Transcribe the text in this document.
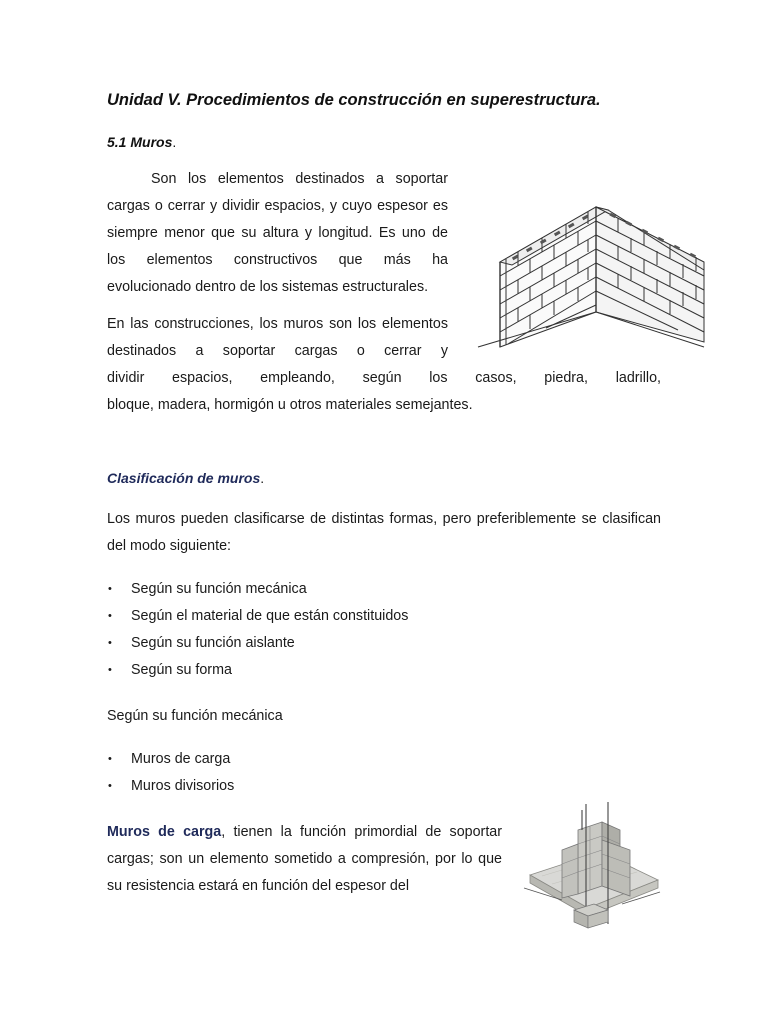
Unidad V. Procedimientos de construcción en superestructura.
5.1 Muros.

Son los elementos destinados a soportar cargas o cerrar y dividir espacios, y cuyo espesor es siempre menor que su altura y longitud. Es uno de los elementos constructivos que más ha evolucionado dentro de los sistemas estructurales.

En las construcciones, los muros son los elementos destinados a soportar cargas o cerrar y

dividir espacios, empleando, según los casos, piedra, ladrillo,
bloque, madera, hormigón u otros materiales semejantes.

Clasificación de muros.

Los muros pueden clasificarse de distintas formas, pero preferiblemente se clasifican del modo siguiente:

• Según su función mecánica
• Según el material de que están constituidos
• Según su función aislante
• Según su forma

Según su función mecánica

• Muros de carga
• Muros divisorios

Muros de carga, tienen la función primordial de soportar cargas; son un elemento sometido a compresión, por lo que su resistencia estará en función del espesor del
